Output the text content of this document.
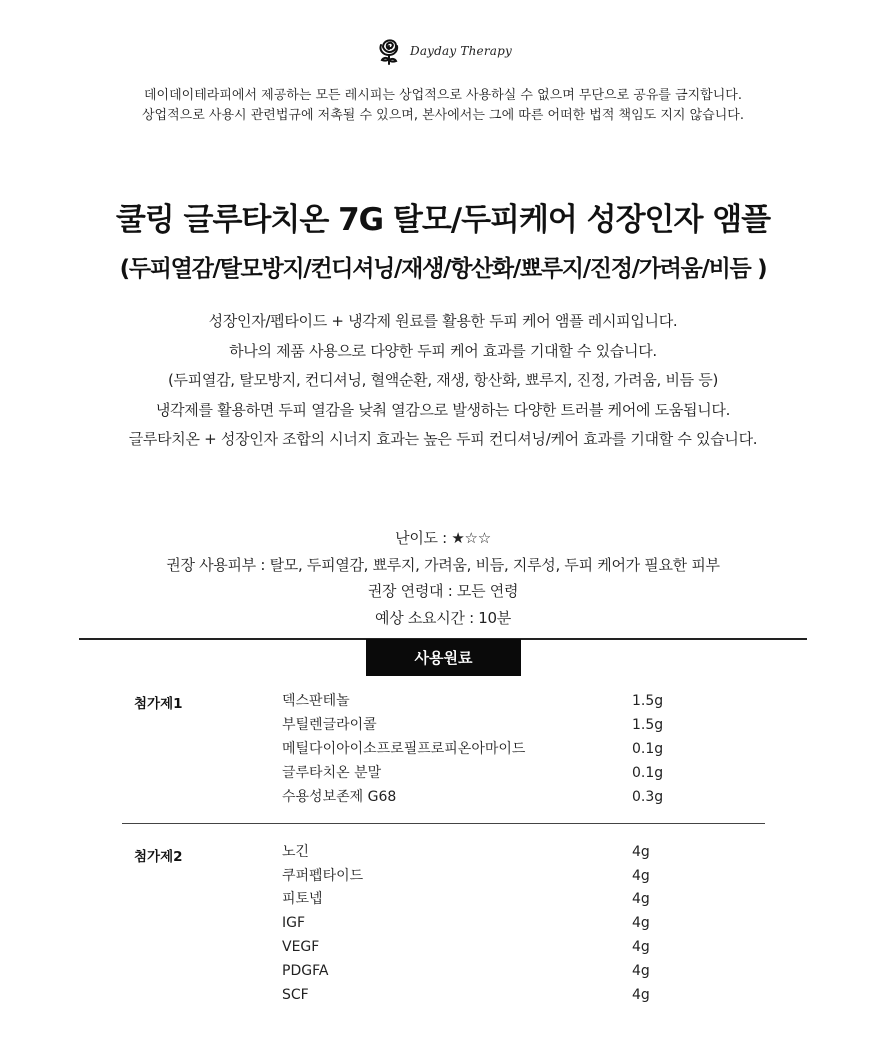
Dayday Therapy
데이데이테라피에서 제공하는 모든 레시피는 상업적으로 사용하실 수 없으며 무단으로 공유를 금지합니다.
상업적으로 사용시 관련법규에 저촉될 수 있으며, 본사에서는 그에 따른 어떠한 법적 책임도 지지 않습니다.
쿨링 글루타치온 7G 탈모/두피케어 성장인자 앰플
(두피열감/탈모방지/컨디셔닝/재생/항산화/뾰루지/진정/가려움/비듬 )
성장인자/펩타이드 + 냉각제 원료를 활용한 두피 케어 앰플 레시피입니다.
하나의 제품 사용으로 다양한 두피 케어 효과를 기대할 수 있습니다.
(두피열감, 탈모방지, 컨디셔닝, 혈액순환, 재생, 항산화, 뾰루지, 진정, 가려움, 비듬 등)
냉각제를 활용하면 두피 열감을 낮춰 열감으로 발생하는 다양한 트러블 케어에 도움됩니다.
글루타치온 + 성장인자 조합의 시너지 효과는 높은 두피 컨디셔닝/케어 효과를 기대할 수 있습니다.
난이도 : ★☆☆
권장 사용피부 : 탈모, 두피열감, 뾰루지, 가려움, 비듬, 지루성, 두피 케어가 필요한 피부
권장 연령대 : 모든 연령
예상 소요시간 : 10분
사용원료
첨가제1	덱스판테놀	1.5g
부틸렌글라이콜	1.5g
메틸다이아이소프로필프로피온아마이드	0.1g
글루타치온 분말	0.1g
수용성보존제 G68	0.3g
첨가제2	노긴	4g
쿠퍼펩타이드	4g
피토넵	4g
IGF	4g
VEGF	4g
PDGFA	4g
SCF	4g
